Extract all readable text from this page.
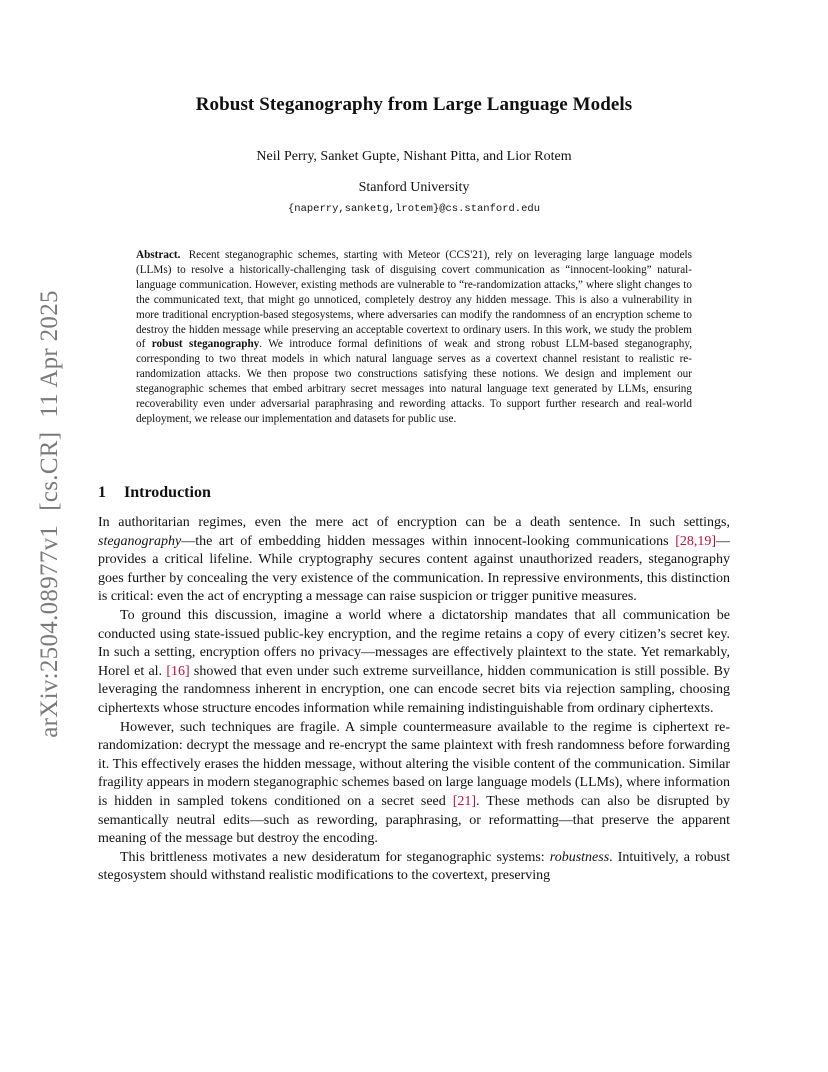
arXiv:2504.08977v1[cs.CR]11 Apr 2025
Robust Steganography from Large Language Models
Neil Perry, Sanket Gupte, Nishant Pitta, and Lior Rotem
Stanford University
{naperry,sanketg,lrotem}@cs.stanford.edu
Abstract. Recent steganographic schemes, starting with Meteor (CCS'21), rely on leveraging large language models (LLMs) to resolve a historically-challenging task of disguising covert communication as “innocent-looking” natural-language communication. However, existing methods are vulnerable to “re-randomization attacks,” where slight changes to the communicated text, that might go unnoticed, completely destroy any hidden message. This is also a vulnerability in more traditional encryption-based stegosystems, where adversaries can modify the randomness of an encryption scheme to destroy the hidden message while preserving an acceptable covertext to ordinary users. In this work, we study the problem of robust steganography. We introduce formal definitions of weak and strong robust LLM-based steganography, corresponding to two threat models in which natural language serves as a covertext channel resistant to realistic re-randomization attacks. We then propose two constructions satisfying these notions. We design and implement our steganographic schemes that embed arbitrary secret messages into natural language text generated by LLMs, ensuring recoverability even under adversarial paraphrasing and rewording attacks. To support further research and real-world deployment, we release our implementation and datasets for public use.
1 Introduction

In authoritarian regimes, even the mere act of encryption can be a death sentence. In such settings, steganography—the art of embedding hidden messages within innocent-looking communications [28,19]—provides a critical lifeline. While cryptography secures content against unauthorized readers, steganography goes further by concealing the very existence of the communication. In repressive environments, this distinction is critical: even the act of encrypting a message can raise suspicion or trigger punitive measures.

To ground this discussion, imagine a world where a dictatorship mandates that all communication be conducted using state-issued public-key encryption, and the regime retains a copy of every citizen’s secret key. In such a setting, encryption offers no privacy—messages are effectively plaintext to the state. Yet remarkably, Horel et al. [16] showed that even under such extreme surveillance, hidden communication is still possible. By leveraging the randomness inherent in encryption, one can encode secret bits via rejection sampling, choosing ciphertexts whose structure encodes information while remaining indistinguishable from ordinary ciphertexts.

However, such techniques are fragile. A simple countermeasure available to the regime is ciphertext re-randomization: decrypt the message and re-encrypt the same plaintext with fresh randomness before forwarding it. This effectively erases the hidden message, without altering the visible content of the communication. Similar fragility appears in modern steganographic schemes based on large language models (LLMs), where information is hidden in sampled tokens conditioned on a secret seed [21]. These methods can also be disrupted by semantically neutral edits—such as rewording, paraphrasing, or reformatting—that preserve the apparent meaning of the message but destroy the encoding.

This brittleness motivates a new desideratum for steganographic systems: robustness. Intuitively, a robust stegosystem should withstand realistic modifications to the covertext, preserving
